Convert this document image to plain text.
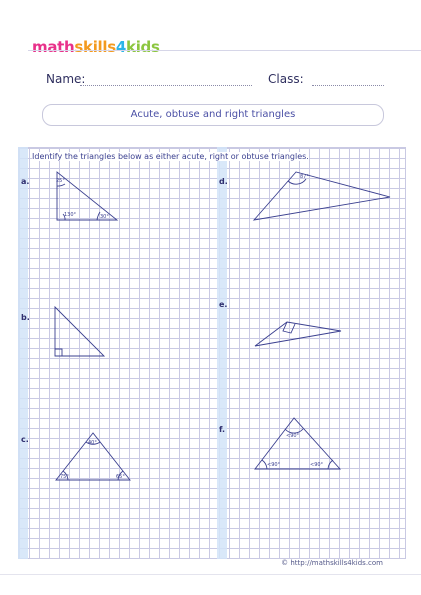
mathskills4kids
Name:	Class:
Acute, obtuse and right triangles
Identify the triangles below as either acute, right or obtuse triangles.
a.
b.
c.
d.
e.
f.
25°
130°	30°
40°
75°	65°
87°
<90°
<90°	<90°
© http://mathskills4kids.com
